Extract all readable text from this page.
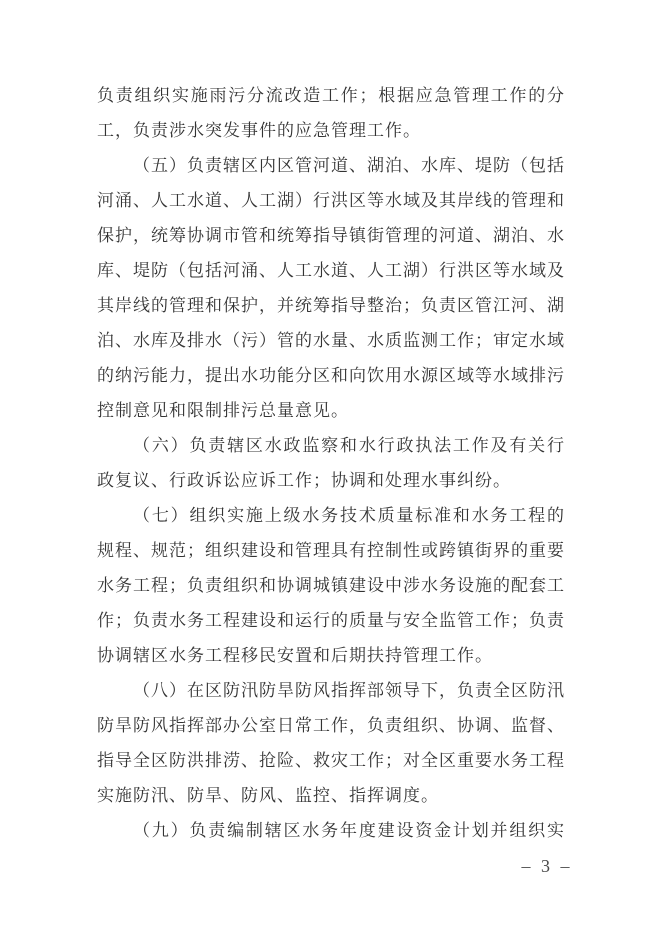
负责组织实施雨污分流改造工作；根据应急管理工作的分
工，负责涉水突发事件的应急管理工作。
（五）负责辖区内区管河道、湖泊、水库、堤防（包括
河涌、人工水道、人工湖）行洪区等水域及其岸线的管理和
保护，统筹协调市管和统筹指导镇街管理的河道、湖泊、水
库、堤防（包括河涌、人工水道、人工湖）行洪区等水域及
其岸线的管理和保护，并统筹指导整治；负责区管江河、湖
泊、水库及排水（污）管的水量、水质监测工作；审定水域
的纳污能力，提出水功能分区和向饮用水源区域等水域排污
控制意见和限制排污总量意见。
（六）负责辖区水政监察和水行政执法工作及有关行
政复议、行政诉讼应诉工作；协调和处理水事纠纷。
（七）组织实施上级水务技术质量标准和水务工程的
规程、规范；组织建设和管理具有控制性或跨镇街界的重要
水务工程；负责组织和协调城镇建设中涉水务设施的配套工
作；负责水务工程建设和运行的质量与安全监管工作；负责
协调辖区水务工程移民安置和后期扶持管理工作。
（八）在区防汛防旱防风指挥部领导下，负责全区防汛
防旱防风指挥部办公室日常工作，负责组织、协调、监督、
指导全区防洪排涝、抢险、救灾工作；对全区重要水务工程
实施防汛、防旱、防风、监控、指挥调度。
（九）负责编制辖区水务年度建设资金计划并组织实
– 3 –
